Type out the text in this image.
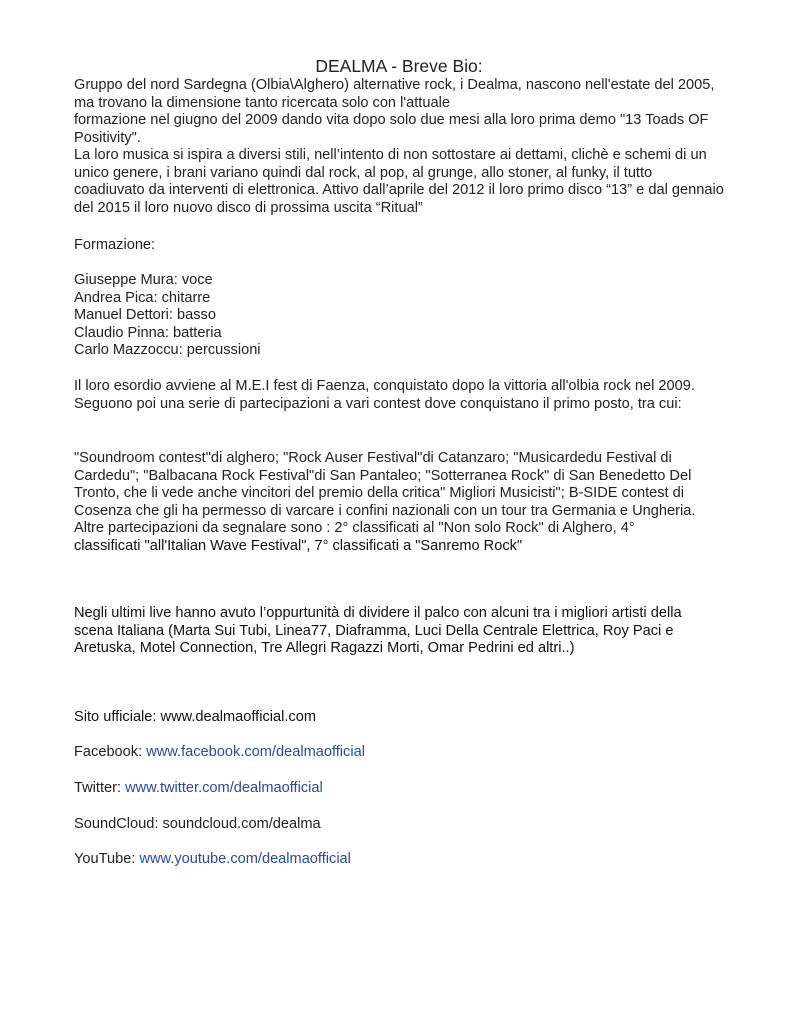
DEALMA - Breve Bio:
Gruppo del nord Sardegna (Olbia\Alghero) alternative rock, i Dealma, nascono nell'estate del 2005, ma trovano la dimensione tanto ricercata solo con l'attuale
formazione nel giugno del 2009 dando vita dopo solo due mesi alla loro prima demo "13 Toads OF Positivity".
La loro musica si ispira a diversi stili, nell’intento di non sottostare ai dettami, clichè e schemi di un unico genere, i brani variano quindi dal rock, al pop, al grunge, allo stoner, al funky, il tutto coadiuvato da interventi di elettronica. Attivo dall’aprile del 2012 il loro primo disco “13” e dal gennaio del 2015 il loro nuovo disco di prossima uscita “Ritual”
Formazione:
Giuseppe Mura: voce
Andrea Pica: chitarre
Manuel Dettori: basso
Claudio Pinna: batteria
Carlo Mazzoccu: percussioni
Il loro esordio avviene al M.E.I fest di Faenza, conquistato dopo la vittoria all'olbia rock nel 2009. Seguono poi una serie di partecipazioni a vari contest dove conquistano il primo posto, tra cui:
"Soundroom contest"di alghero; "Rock Auser Festival"di Catanzaro; "Musicardedu Festival di Cardedu"; "Balbacana Rock Festival"di San Pantaleo; "Sotterranea Rock" di San Benedetto Del Tronto, che li vede anche vincitori del premio della critica" Migliori Musicisti"; B-SIDE contest di Cosenza che gli ha permesso di varcare i confini nazionali con un tour tra Germania e Ungheria.
Altre partecipazioni da segnalare sono : 2° classificati al "Non solo Rock" di Alghero, 4°
classificati "all'Italian Wave Festival", 7° classificati a "Sanremo Rock"
Negli ultimi live hanno avuto l’oppurtunità di dividere il palco con alcuni tra i migliori artisti della scena Italiana (Marta Sui Tubi, Linea77, Diaframma, Luci Della Centrale Elettrica, Roy Paci e Aretuska, Motel Connection, Tre Allegri Ragazzi Morti, Omar Pedrini ed altri..)
Sito ufficiale: www.dealmaofficial.com
Facebook: www.facebook.com/dealmaofficial
Twitter: www.twitter.com/dealmaofficial
SoundCloud: soundcloud.com/dealma
YouTube: www.youtube.com/dealmaofficial
